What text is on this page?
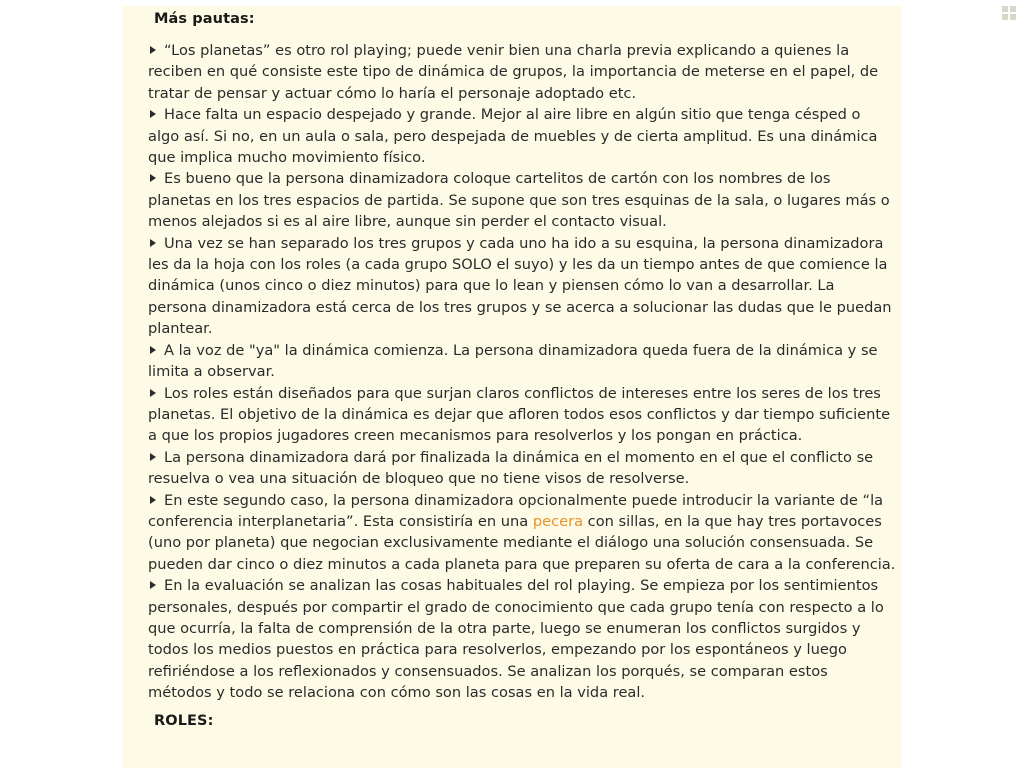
Más pautas:
“Los planetas” es otro rol playing; puede venir bien una charla previa explicando a quienes la reciben en qué consiste este tipo de dinámica de grupos, la importancia de meterse en el papel, de tratar de pensar y actuar cómo lo haría el personaje adoptado etc.
Hace falta un espacio despejado y grande. Mejor al aire libre en algún sitio que tenga césped o algo así. Si no, en un aula o sala, pero despejada de muebles y de cierta amplitud. Es una dinámica que implica mucho movimiento físico.
Es bueno que la persona dinamizadora coloque cartelitos de cartón con los nombres de los planetas en los tres espacios de partida. Se supone que son tres esquinas de la sala, o lugares más o menos alejados si es al aire libre, aunque sin perder el contacto visual.
Una vez se han separado los tres grupos y cada uno ha ido a su esquina, la persona dinamizadora les da la hoja con los roles (a cada grupo SOLO el suyo) y les da un tiempo antes de que comience la dinámica (unos cinco o diez minutos) para que lo lean y piensen cómo lo van a desarrollar. La persona dinamizadora está cerca de los tres grupos y se acerca a solucionar las dudas que le puedan plantear.
A la voz de "ya" la dinámica comienza. La persona dinamizadora queda fuera de la dinámica y se limita a observar.
Los roles están diseñados para que surjan claros conflictos de intereses entre los seres de los tres planetas. El objetivo de la dinámica es dejar que afloren todos esos conflictos y dar tiempo suficiente a que los propios jugadores creen mecanismos para resolverlos y los pongan en práctica.
La persona dinamizadora dará por finalizada la dinámica en el momento en el que el conflicto se resuelva o vea una situación de bloqueo que no tiene visos de resolverse.
En este segundo caso, la persona dinamizadora opcionalmente puede introducir la variante de “la conferencia interplanetaria”. Esta consistiría en una pecera con sillas, en la que hay tres portavoces (uno por planeta) que negocian exclusivamente mediante el diálogo una solución consensuada. Se pueden dar cinco o diez minutos a cada planeta para que preparen su oferta de cara a la conferencia.
En la evaluación se analizan las cosas habituales del rol playing. Se empieza por los sentimientos personales, después por compartir el grado de conocimiento que cada grupo tenía con respecto a lo que ocurría, la falta de comprensión de la otra parte, luego se enumeran los conflictos surgidos y todos los medios puestos en práctica para resolverlos, empezando por los espontáneos y luego refiriéndose a los reflexionados y consensuados. Se analizan los porqués, se comparan estos métodos y todo se relaciona con cómo son las cosas en la vida real.
ROLES:
